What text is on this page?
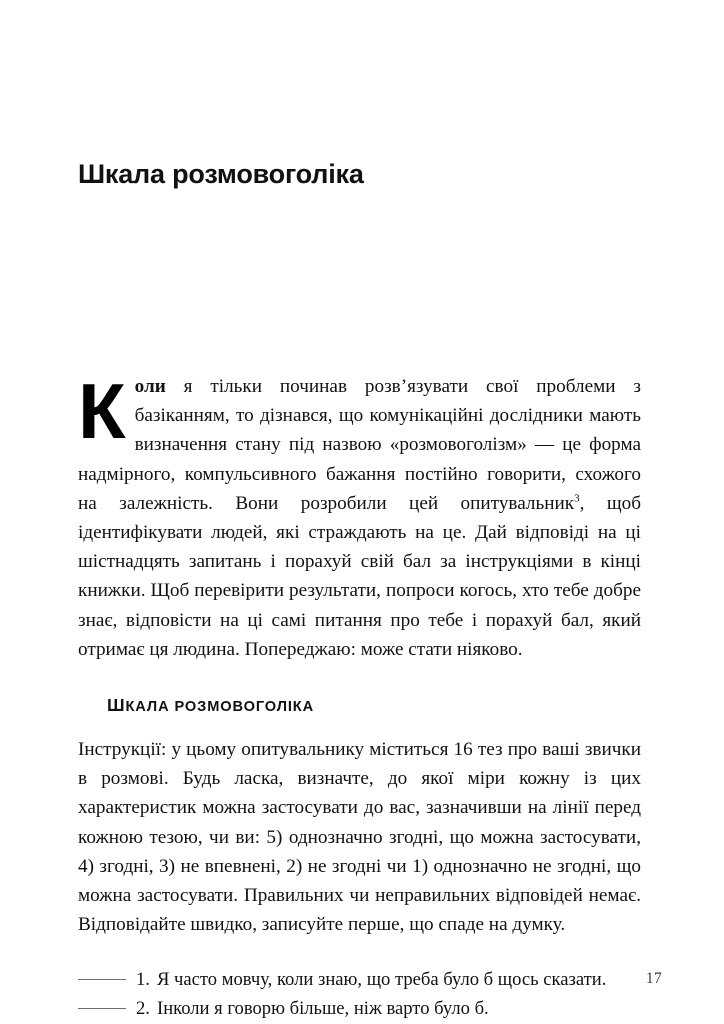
Шкала розмовоголіка

Коли я тільки починав розв’язувати свої проблеми з базіканням, то дізнався, що комунікаційні дослідники мають визначення стану під назвою «розмовоголізм» — це форма надмірного, компульсивного бажання постійно говорити, схожого на залежність. Вони розробили цей опитувальник$^3$, щоб ідентифікувати людей, які страждають на це. Дай відповіді на ці шістнадцять запитань і порахуй свій бал за інструкціями в кінці книжки. Щоб перевірити результати, попроси когось, хто тебе добре знає, відповісти на ці самі питання про тебе і порахуй бал, який отримає ця людина. Попереджаю: може стати ніяково.

ШКАЛА РОЗМОВОГОЛІКА

Інструкції: у цьому опитувальнику міститься 16 тез про ваші звички в розмові. Будь ласка, визначте, до якої міри кожну із цих характеристик можна застосувати до вас, зазначивши на лінії перед кожною тезою, чи ви: 5) однозначно згодні, що можна застосувати, 4) згодні, 3) не впевнені, 2) не згодні чи 1) однозначно не згодні, що можна застосувати. Правильних чи неправильних відповідей немає. Відповідайте швидко, записуйте перше, що спаде на думку.

1. Я часто мовчу, коли знаю, що треба було б щось сказати.
2. Інколи я говорю більше, ніж варто було б.
17
